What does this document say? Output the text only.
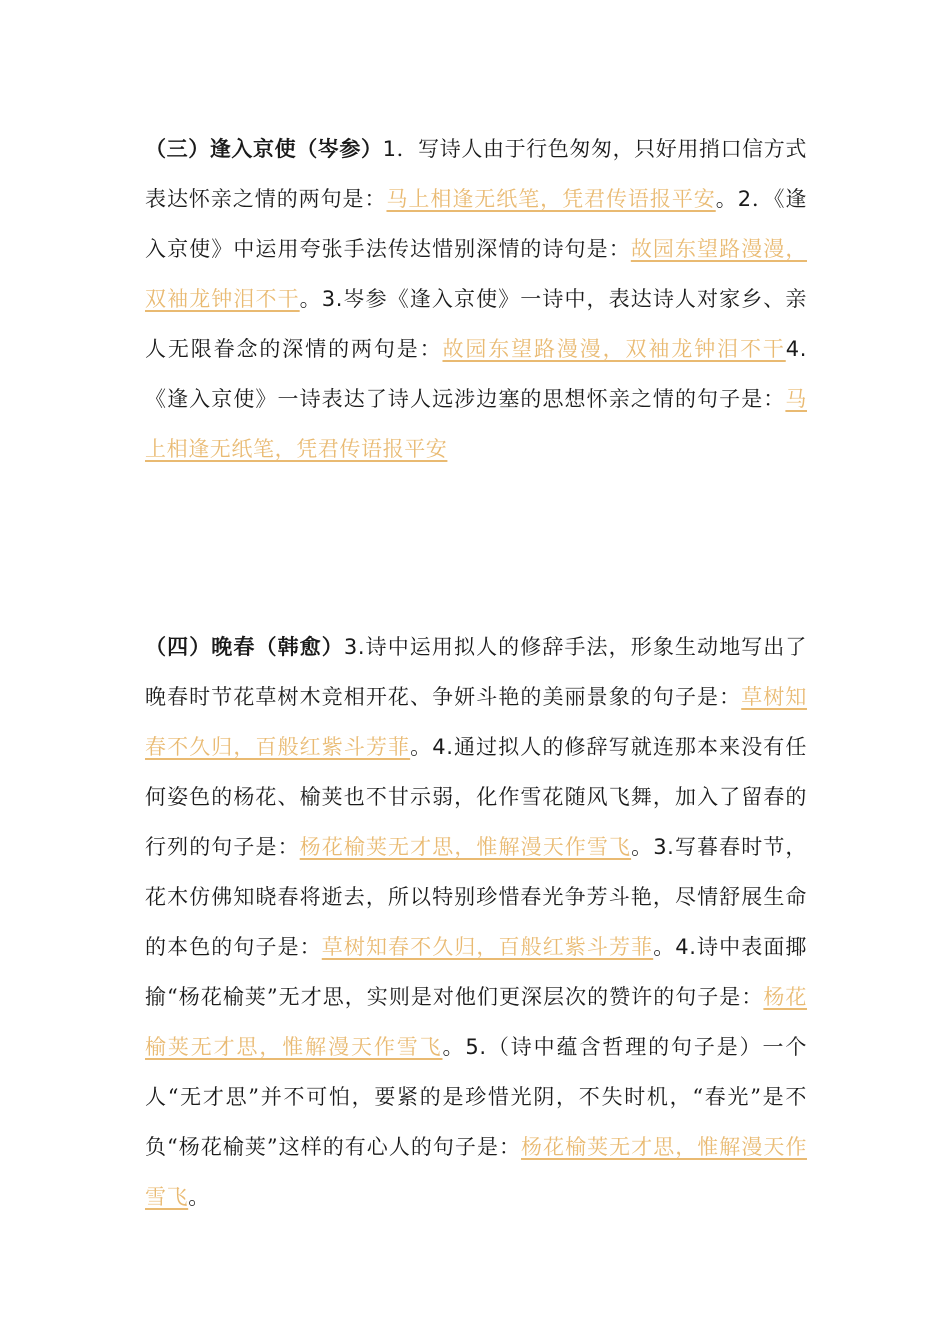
（三）逢入京使（岑参）1．写诗人由于行色匆匆，只好用捎口信方式表达怀亲之情的两句是：马上相逢无纸笔，凭君传语报平安。2．《逢入京使》中运用夸张手法传达惜别深情的诗句是：故园东望路漫漫，双袖龙钟泪不干。3.岑参《逢入京使》一诗中，表达诗人对家乡、亲人无限眷念的深情的两句是：故园东望路漫漫，双袖龙钟泪不干4.《逢入京使》一诗表达了诗人远涉边塞的思想怀亲之情的句子是：马上相逢无纸笔，凭君传语报平安
（四）晚春（韩愈）3.诗中运用拟人的修辞手法，形象生动地写出了晚春时节花草树木竞相开花、争妍斗艳的美丽景象的句子是：草树知春不久归，百般红紫斗芳菲。4.通过拟人的修辞写就连那本来没有任何姿色的杨花、榆荚也不甘示弱，化作雪花随风飞舞，加入了留春的行列的句子是：杨花榆荚无才思，惟解漫天作雪飞。3.写暮春时节，花木仿佛知晓春将逝去，所以特别珍惜春光争芳斗艳，尽情舒展生命的本色的句子是：草树知春不久归，百般红紫斗芳菲。4.诗中表面揶揄“杨花榆荚”无才思，实则是对他们更深层次的赞许的句子是：杨花榆荚无才思，惟解漫天作雪飞。5.（诗中蕴含哲理的句子是）一个人“无才思”并不可怕，要紧的是珍惜光阴，不失时机，“春光”是不负“杨花榆荚”这样的有心人的句子是：杨花榆荚无才思，惟解漫天作雪飞。
